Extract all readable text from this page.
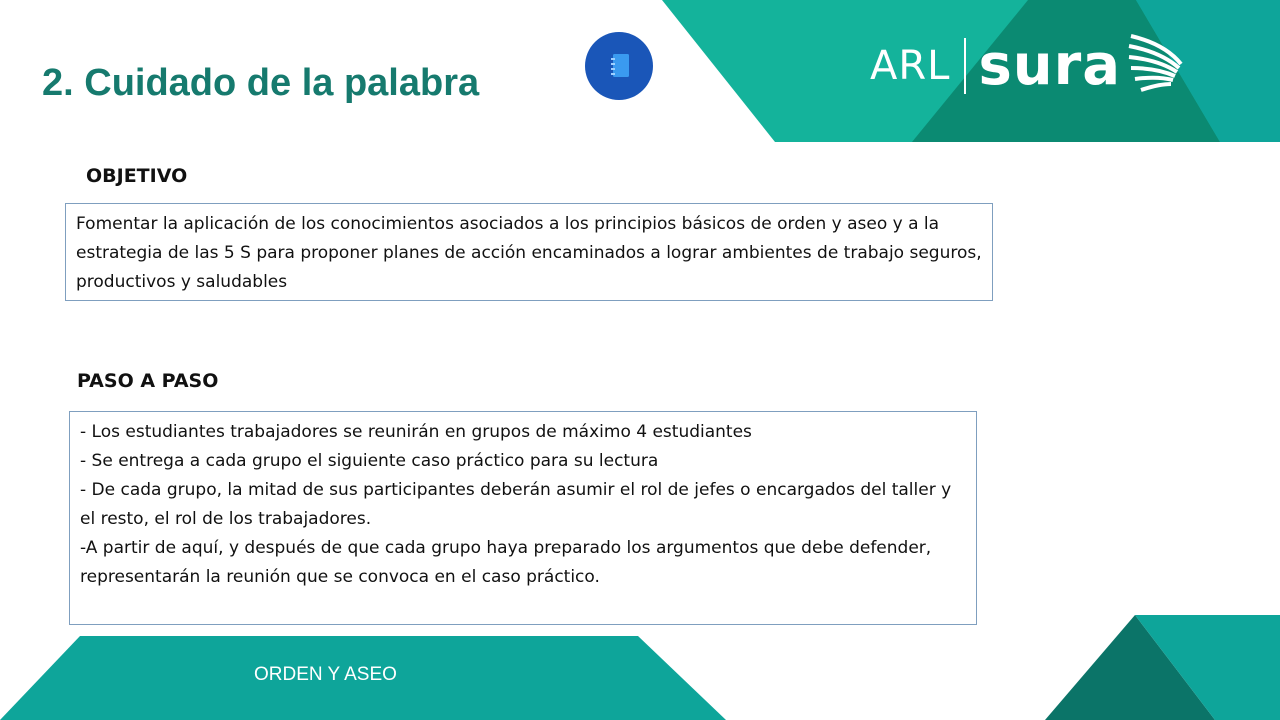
2. Cuidado de la palabra	ARL sura
OBJETIVO

Fomentar la aplicación de los conocimientos asociados a los principios básicos de orden y aseo y a la estrategia de las 5 S para proponer planes de acción encaminados a lograr ambientes de trabajo seguros, productivos y saludables

PASO A PASO

- Los estudiantes trabajadores se reunirán en grupos de máximo 4 estudiantes

- Se entrega a cada grupo el siguiente caso práctico para su lectura

- De cada grupo, la mitad de sus participantes deberán asumir el rol de jefes o encargados del taller y el resto, el rol de los trabajadores.

-A partir de aquí, y después de que cada grupo haya preparado los argumentos que debe defender, representarán la reunión que se convoca en el caso práctico.

ORDEN Y ASEO
